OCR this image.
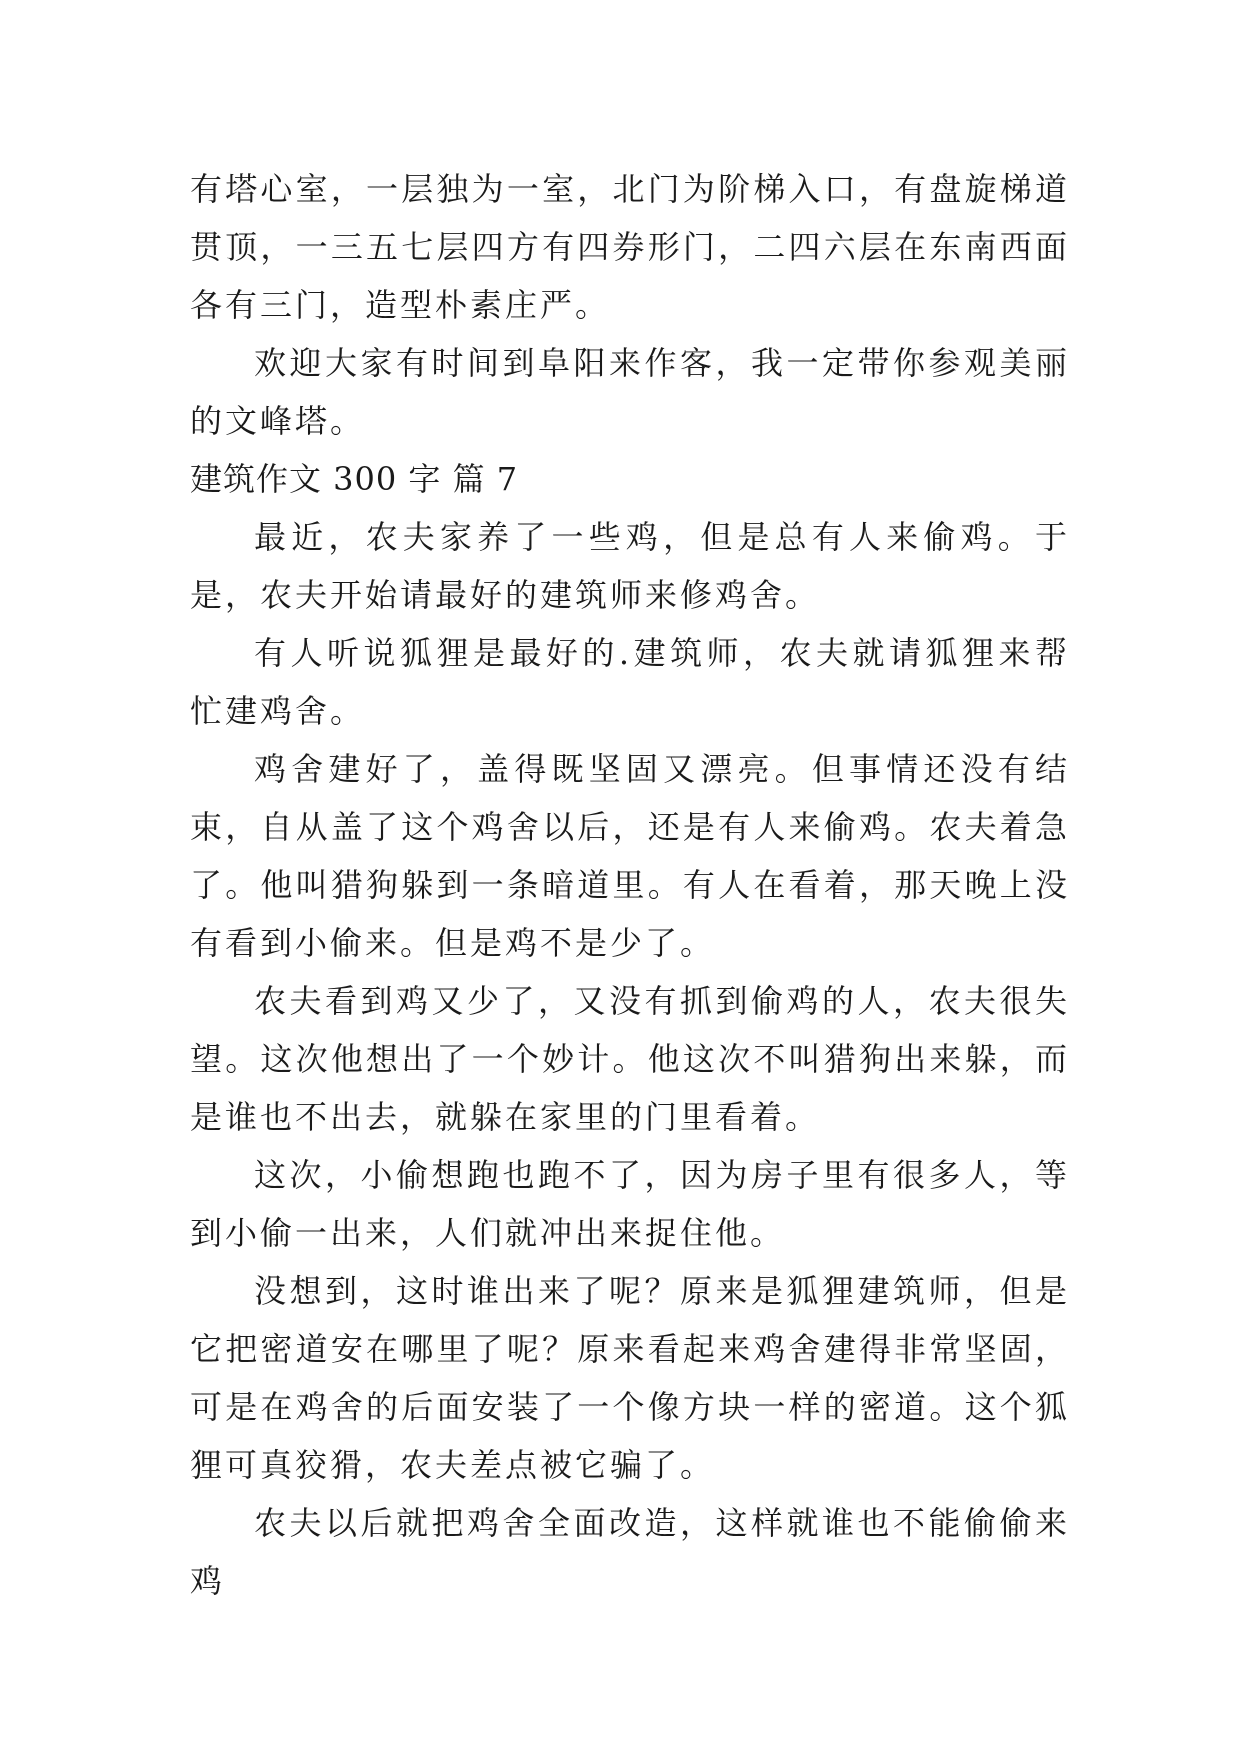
有塔心室，一层独为一室，北门为阶梯入口，有盘旋梯道贯顶，一三五七层四方有四券形门，二四六层在东南西面各有三门，造型朴素庄严。

欢迎大家有时间到阜阳来作客，我一定带你参观美丽的文峰塔。

建筑作文 300 字 篇 7

最近，农夫家养了一些鸡，但是总有人来偷鸡。于是，农夫开始请最好的建筑师来修鸡舍。

有人听说狐狸是最好的.建筑师，农夫就请狐狸来帮忙建鸡舍。

鸡舍建好了，盖得既坚固又漂亮。但事情还没有结束，自从盖了这个鸡舍以后，还是有人来偷鸡。农夫着急了。他叫猎狗躲到一条暗道里。有人在看着，那天晚上没有看到小偷来。但是鸡不是少了。

农夫看到鸡又少了，又没有抓到偷鸡的人，农夫很失望。这次他想出了一个妙计。他这次不叫猎狗出来躲，而是谁也不出去，就躲在家里的门里看着。

这次，小偷想跑也跑不了，因为房子里有很多人，等到小偷一出来，人们就冲出来捉住他。

没想到，这时谁出来了呢？原来是狐狸建筑师，但是它把密道安在哪里了呢？原来看起来鸡舍建得非常坚固，可是在鸡舍的后面安装了一个像方块一样的密道。这个狐狸可真狡猾，农夫差点被它骗了。

农夫以后就把鸡舍全面改造，这样就谁也不能偷偷来鸡
